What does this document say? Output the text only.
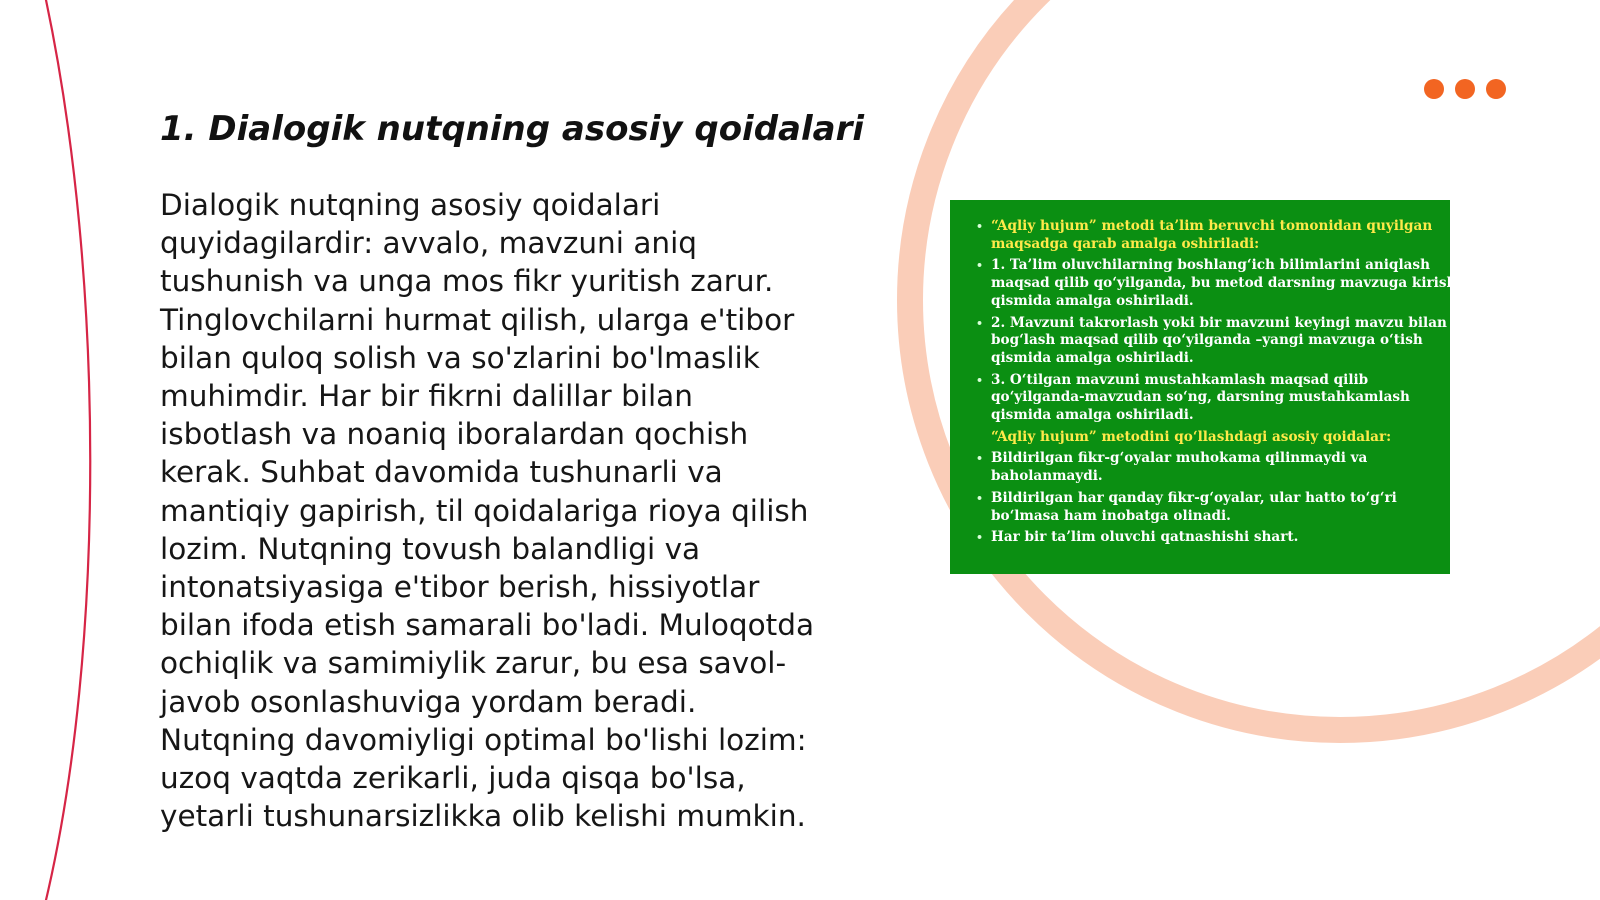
1. Dialogik nutqning asosiy qoidalari
Dialogik nutqning asosiy qoidalari
quyidagilardir: avvalo, mavzuni aniq
tushunish va unga mos fikr yuritish zarur.
Tinglovchilarni hurmat qilish, ularga e'tibor
bilan quloq solish va so'zlarini bo'lmaslik
muhimdir. Har bir fikrni dalillar bilan
isbotlash va noaniq iboralardan qochish
kerak. Suhbat davomida tushunarli va
mantiqiy gapirish, til qoidalariga rioya qilish
lozim. Nutqning tovush balandligi va
intonatsiyasiga e'tibor berish, hissiyotlar
bilan ifoda etish samarali bo'ladi. Muloqotda
ochiqlik va samimiylik zarur, bu esa savol-
javob osonlashuviga yordam beradi.
Nutqning davomiyligi optimal bo'lishi lozim:
uzoq vaqtda zerikarli, juda qisqa bo'lsa,
yetarli tushunarsizlikka olib kelishi mumkin.
• “Aqliy hujum” metodi ta’lim beruvchi tomonidan quyilgan
maqsadga qarab amalga oshiriladi:
• 1. Ta’lim oluvchilarning boshlang‘ich bilimlarini aniqlash
maqsad qilib qo‘yilganda, bu metod darsning mavzuga kirish
qismida amalga oshiriladi.
• 2. Mavzuni takrorlash yoki bir mavzuni keyingi mavzu bilan
bog‘lash maqsad qilib qo‘yilganda –yangi mavzuga o‘tish
qismida amalga oshiriladi.
• 3. O‘tilgan mavzuni mustahkamlash maqsad qilib
qo‘yilganda-mavzudan so‘ng, darsning mustahkamlash
qismida amalga oshiriladi.
“Aqliy hujum” metodini qo‘llashdagi asosiy qoidalar:
• Bildirilgan fikr-g‘oyalar muhokama qilinmaydi va
baholanmaydi.
• Bildirilgan har qanday fikr-g‘oyalar, ular hatto to‘g‘ri
bo‘lmasa ham inobatga olinadi.
• Har bir ta’lim oluvchi qatnashishi shart.
